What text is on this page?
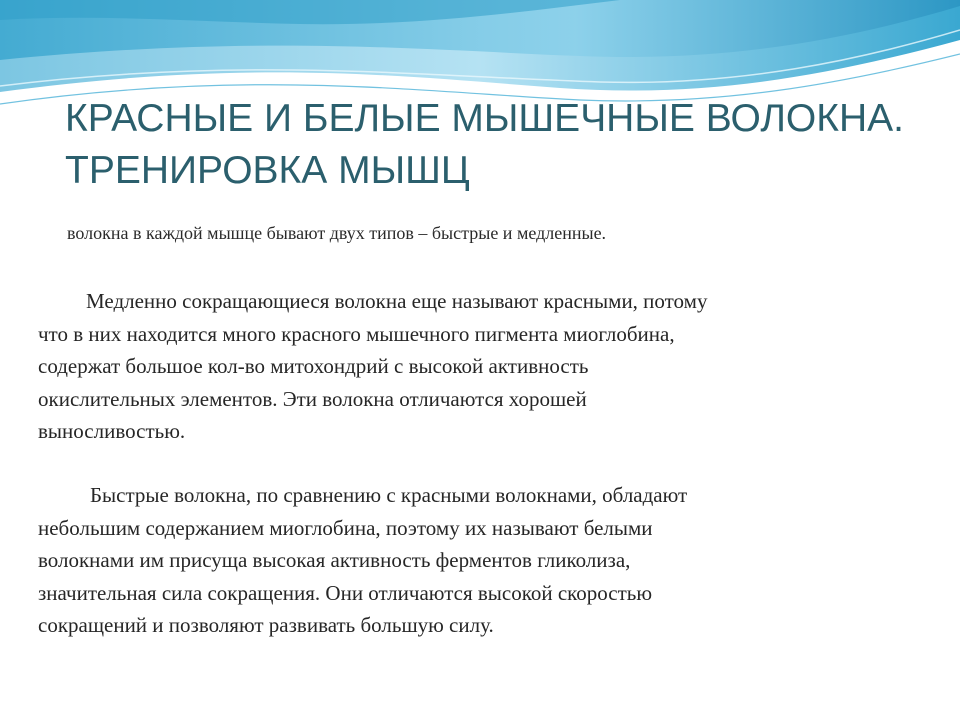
КРАСНЫЕ И БЕЛЫЕ МЫШЕЧНЫЕ ВОЛОКНА.
ТРЕНИРОВКА МЫШЦ

волокна в каждой мышце бывают двух типов – быстрые и медленные.

Медленно сокращающиеся волокна еще называют красными, потому
что в них находится много красного мышечного пигмента миоглобина,
содержат большое кол-во митохондрий с высокой активность
окислительных элементов. Эти волокна отличаются хорошей
выносливостью.
Быстрые волокна, по сравнению с красными волокнами, обладают
небольшим содержанием миоглобина, поэтому их называют белыми
волокнами им присуща высокая активность ферментов гликолиза,
значительная сила сокращения. Они отличаются высокой скоростью
сокращений и позволяют развивать большую силу.
